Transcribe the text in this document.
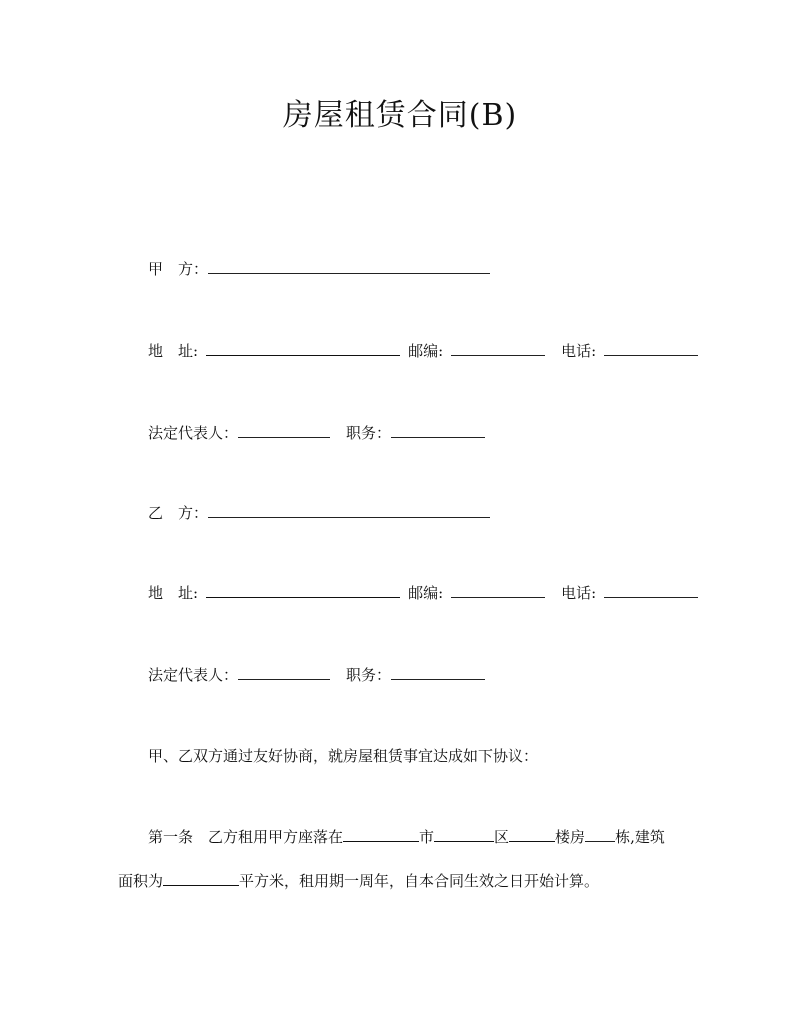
房屋租赁合同(B)
甲　方：
地　址:	邮编:	电话:
法定代表人：	职务：
乙　方：
地　址:	邮编:	电话:
法定代表人：	职务：
甲、乙双方通过友好协商，就房屋租赁事宜达成如下协议：
第一条　乙方租用甲方座落在	市	区	楼房 栋,建筑
面积为	平方米，租用期一周年，自本合同生效之日开始计算。
